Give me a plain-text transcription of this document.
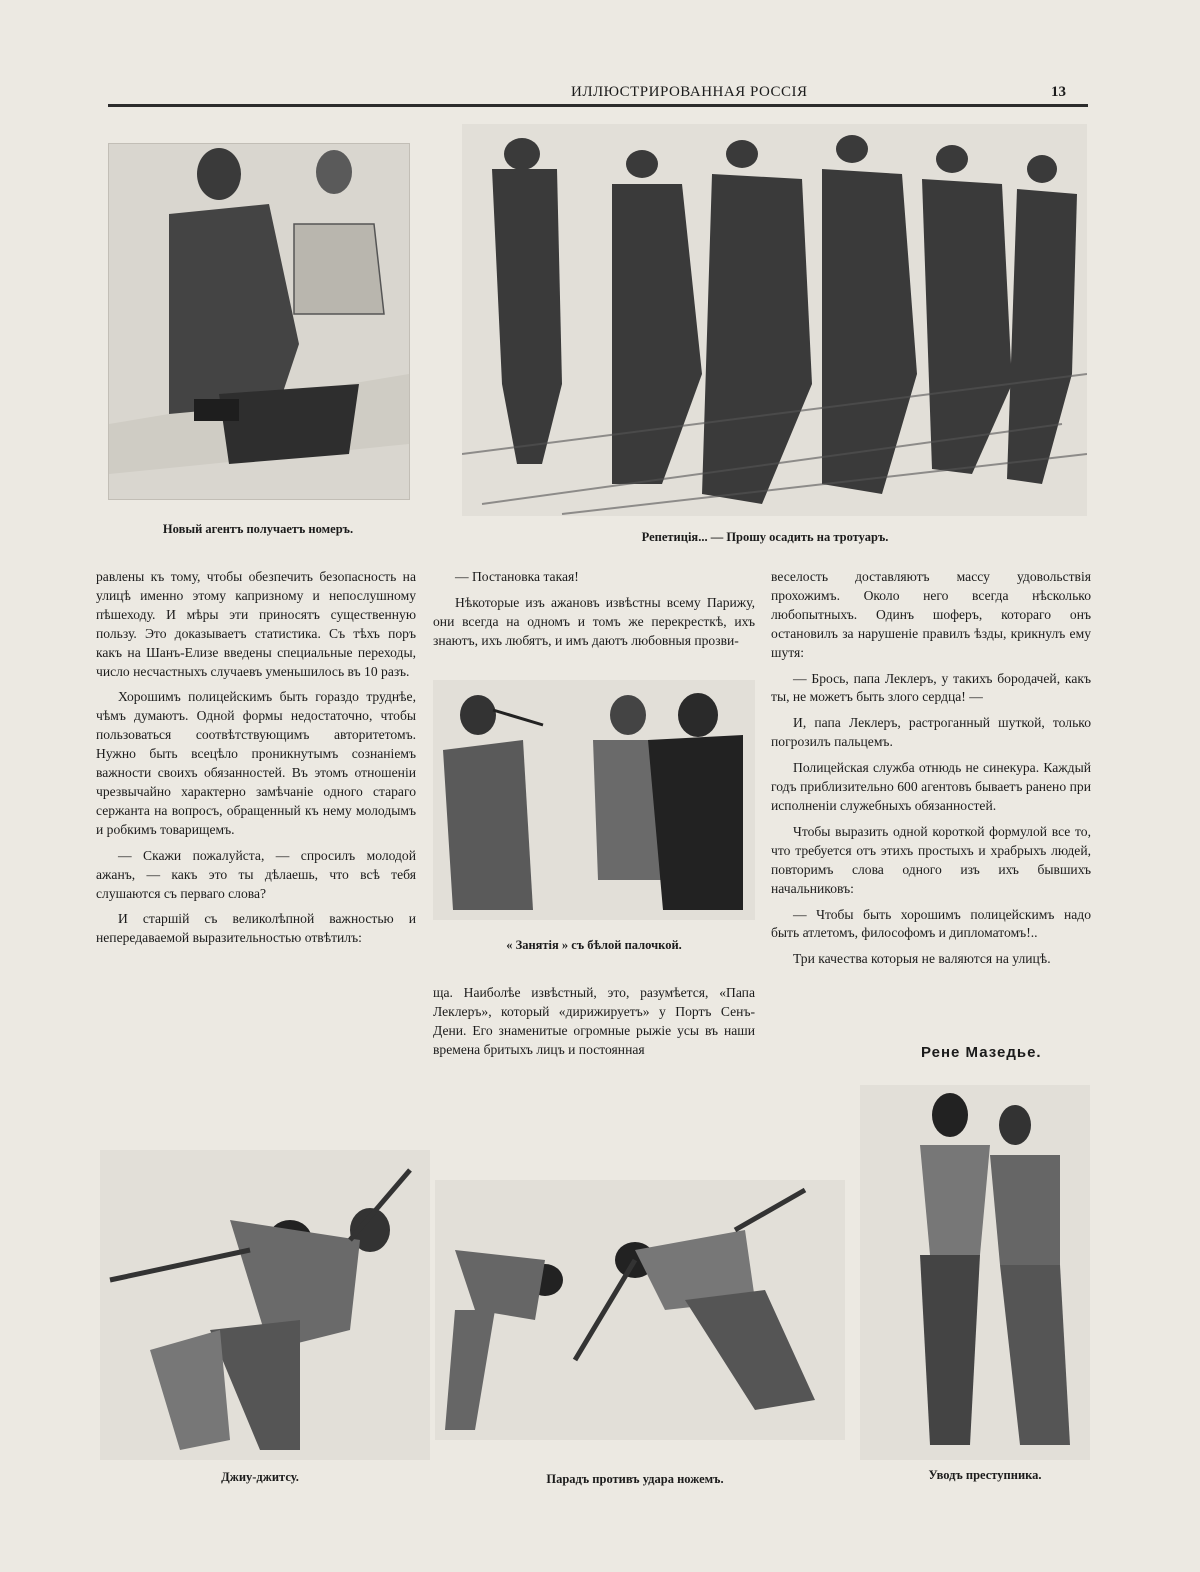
ИЛЛЮСТРИРОВАННАЯ РОССІЯ	13
Новый агентъ получаетъ номеръ.
Репетиція... — Прошу осадить на тротуаръ.

равлены къ тому, чтобы обезпечить безопасность на улицѣ именно этому капризному и непослушному пѣшеходу. И мѣры эти приносятъ существенную пользу. Это доказываетъ статистика. Съ тѣхъ поръ какъ на Шанъ-Елизе введены специальные переходы, число несчастныхъ случаевъ уменьшилось въ 10 разъ.

Хорошимъ полицейскимъ быть гораздо труднѣе, чѣмъ думаютъ. Одной формы недостаточно, чтобы пользоваться соотвѣтствующимъ авторитетомъ. Нужно быть всецѣло проникнутымъ сознаніемъ важности своихъ обязанностей. Въ этомъ отношеніи чрезвычайно характерно замѣчаніе одного стараго сержанта на вопросъ, обращенный къ нему молодымъ и робкимъ товарищемъ.

— Скажи пожалуйста, — спросилъ молодой ажанъ, — какъ это ты дѣлаешь, что всѣ тебя слушаются съ перваго слова?

И старшій съ великолѣпной важностью и непередаваемой выразительностью отвѣтилъ:

— Постановка такая!

Нѣкоторые изъ ажановъ извѣстны всему Парижу, они всегда на одномъ и томъ же перекресткѣ, ихъ знаютъ, ихъ любятъ, и имъ даютъ любовныя прозви-

« Занятія » съ бѣлой палочкой.

ща. Наиболѣе извѣстный, это, разумѣется, «Папа Леклеръ», который «дирижируетъ» у Портъ Сенъ-Дени. Его знаменитые огромные рыжіе усы въ наши времена бритыхъ лицъ и постоянная

веселость доставляютъ массу удовольствія прохожимъ. Около него всегда нѣсколько любопытныхъ. Одинъ шоферъ, котораго онъ остановилъ за нарушеніе правилъ ѣзды, крикнулъ ему шутя:

— Брось, папа Леклеръ, у такихъ бородачей, какъ ты, не можетъ быть злого сердца! —

И, папа Леклеръ, растроганный шуткой, только погрозилъ пальцемъ.

Полицейская служба отнюдь не синекура. Каждый годъ приблизительно 600 агентовъ бываетъ ранено при исполненіи служебныхъ обязанностей.

Чтобы выразить одной короткой формулой все то, что требуется отъ этихъ простыхъ и храбрыхъ людей, повторимъ слова одного изъ ихъ бывшихъ начальниковъ:

— Чтобы быть хорошимъ полицейскимъ надо быть атлетомъ, философомъ и дипломатомъ!..

Три качества которыя не валяются на улицѣ.

Рене Мазедье.
Джиу-джитсу.	Парадъ противъ удара ножемъ.	Уводъ преступника.
